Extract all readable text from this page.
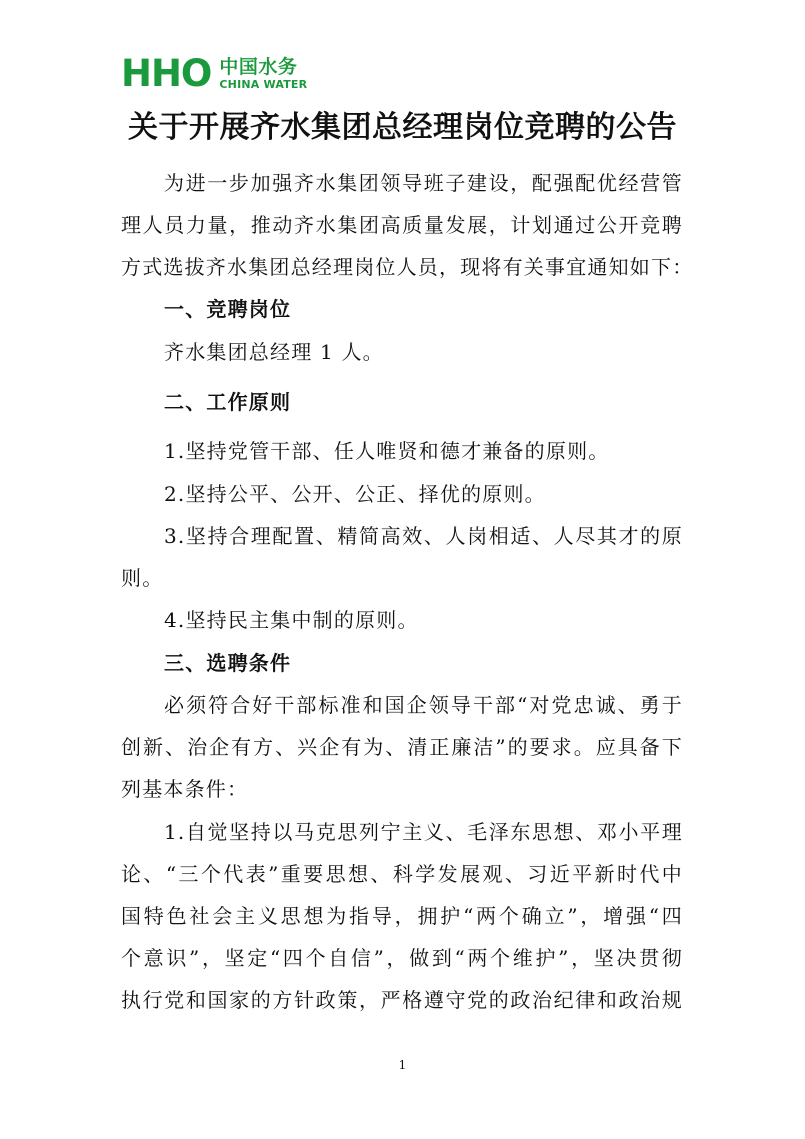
HHO 中国水务
CHINA WATER
关于开展齐水集团总经理岗位竞聘的公告
为进一步加强齐水集团领导班子建设，配强配优经营管
理人员力量，推动齐水集团高质量发展，计划通过公开竞聘
方式选拔齐水集团总经理岗位人员，现将有关事宜通知如下：
一、竞聘岗位
齐水集团总经理 1 人。
二、工作原则
1.坚持党管干部、任人唯贤和德才兼备的原则。
2.坚持公平、公开、公正、择优的原则。
3.坚持合理配置、精简高效、人岗相适、人尽其才的原
则。
4.坚持民主集中制的原则。
三、选聘条件
必须符合好干部标准和国企领导干部“对党忠诚、勇于
创新、治企有方、兴企有为、清正廉洁”的要求。应具备下
列基本条件：
1.自觉坚持以马克思列宁主义、毛泽东思想、邓小平理
论、“三个代表”重要思想、科学发展观、习近平新时代中
国特色社会主义思想为指导，拥护“两个确立”，增强“四
个意识”，坚定“四个自信”，做到“两个维护”，坚决贯彻
执行党和国家的方针政策，严格遵守党的政治纪律和政治规
1
